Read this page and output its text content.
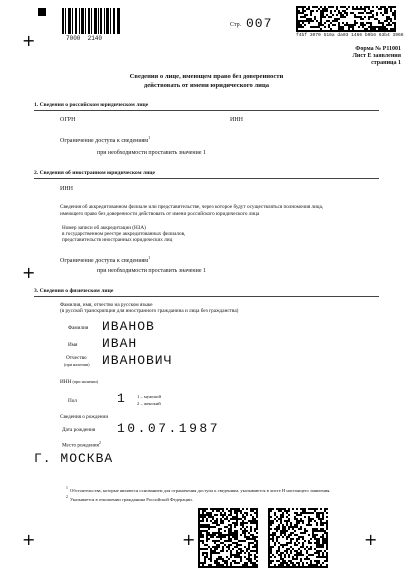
+
+
+	+	+
7000  2140
Стр. 007
f4bf 3070 516a da03 1466 b0b6 63b4 3966
Форма № Р11001
Лист Е заявления
страница 1
Сведения о лице, имеющем право без доверенности
действовать от имени юридического лица
1. Сведения о российском юридическом лице
ОГРН	ИНН
Ограничение доступа к сведениям$^1$
при необходимости проставить значение 1
2. Сведения об иностранном юридическом лице
ИНН
Сведения об аккредитованном филиале или представительстве, через которое будут осуществляться полномочия лица,
имеющего право без доверенности действовать от имени российского юридического лица
Номер записи об аккредитации (НЗА)
в государственном реестре аккредитованных филиалов,
представительств иностранных юридических лиц
Ограничение доступа к сведениям$^1$
при необходимости проставить значение 1
3. Сведения о физическом лице
Фамилия, имя, отчество на русском языке
(в русской транскрипции для иностранного гражданина и лица без гражданства)
Фамилия ИВАНОВ
Имя ИВАН
Отчество
(при наличии) ИВАНОВИЧ
ИНН (при наличии)
Пол	1 1 – мужской
2 – женский
Сведения о рождении
Дата рождения 10.07.1987
Место рождения$^2$
Г. МОСКВА
1 Обстоятельства, которые являются основанием для ограничения доступа к сведениям, указываются в листе Н настоящего заявления.
2 Указывается в отношении гражданина Российской Федерации.
